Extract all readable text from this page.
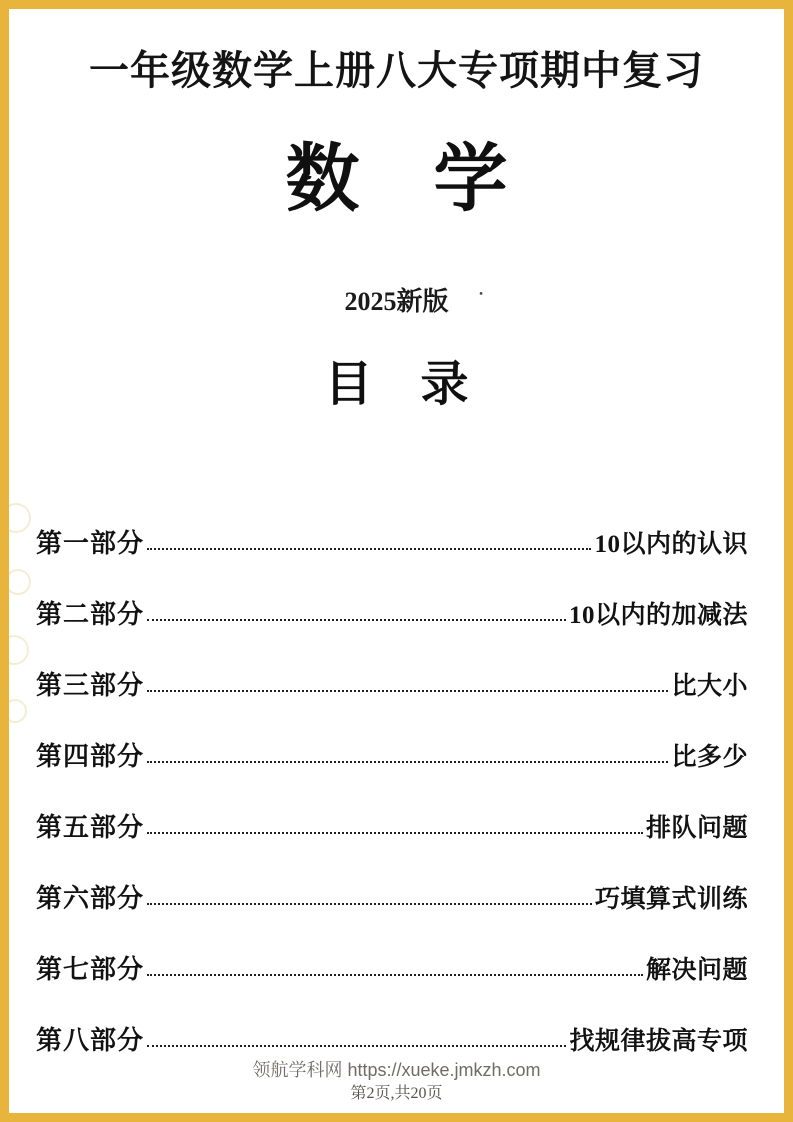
一年级数学上册八大专项期中复习
数　学
2025新版 ·
目　录
第一部分	10以内的认识
第二部分	10以内的加减法
第三部分	比大小
第四部分	比多少
第五部分	排队问题
第六部分	巧填算式训练
第七部分	解决问题
第八部分	找规律拔高专项
领航学科网 https://xueke.jmkzh.com
第2页,共20页
